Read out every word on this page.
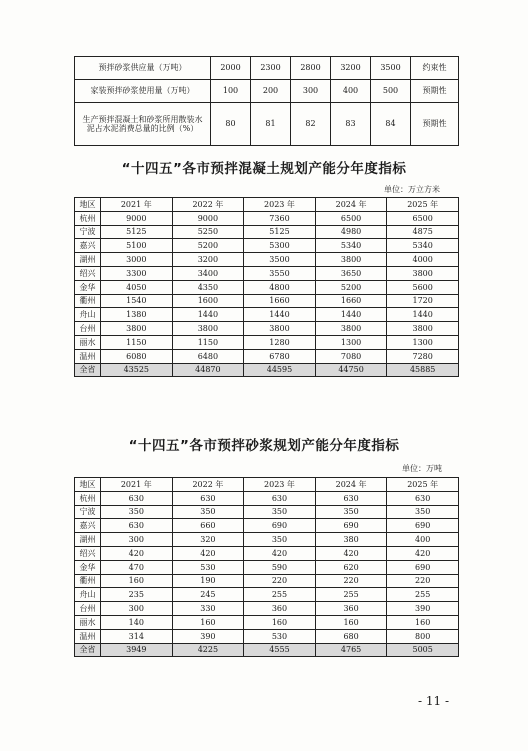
预拌砂浆供应量（万吨）	2000	2300	2800	3200	3500	约束性
家装预拌砂浆使用量（万吨）	100	200	300	400	500	预期性
生产预拌混凝土和砂浆所用散装水泥占水泥消费总量的比例（%）	80	81	82	83	84	预期性
“十四五”各市预拌混凝土规划产能分年度指标
单位：万立方米
地区	2021 年	2022 年	2023 年	2024 年	2025 年
杭州	9000	9000	7360	6500	6500
宁波	5125	5250	5125	4980	4875
嘉兴	5100	5200	5300	5340	5340
湖州	3000	3200	3500	3800	4000
绍兴	3300	3400	3550	3650	3800
金华	4050	4350	4800	5200	5600
衢州	1540	1600	1660	1660	1720
舟山	1380	1440	1440	1440	1440
台州	3800	3800	3800	3800	3800
丽水	1150	1150	1280	1300	1300
温州	6080	6480	6780	7080	7280
全省	43525	44870	44595	44750	45885
“十四五”各市预拌砂浆规划产能分年度指标
单位：万吨
地区	2021 年	2022 年	2023 年	2024 年	2025 年
杭州	630	630	630	630	630
宁波	350	350	350	350	350
嘉兴	630	660	690	690	690
湖州	300	320	350	380	400
绍兴	420	420	420	420	420
金华	470	530	590	620	690
衢州	160	190	220	220	220
舟山	235	245	255	255	255
台州	300	330	360	360	390
丽水	140	160	160	160	160
温州	314	390	530	680	800
全省	3949	4225	4555	4765	5005
- 11 -
